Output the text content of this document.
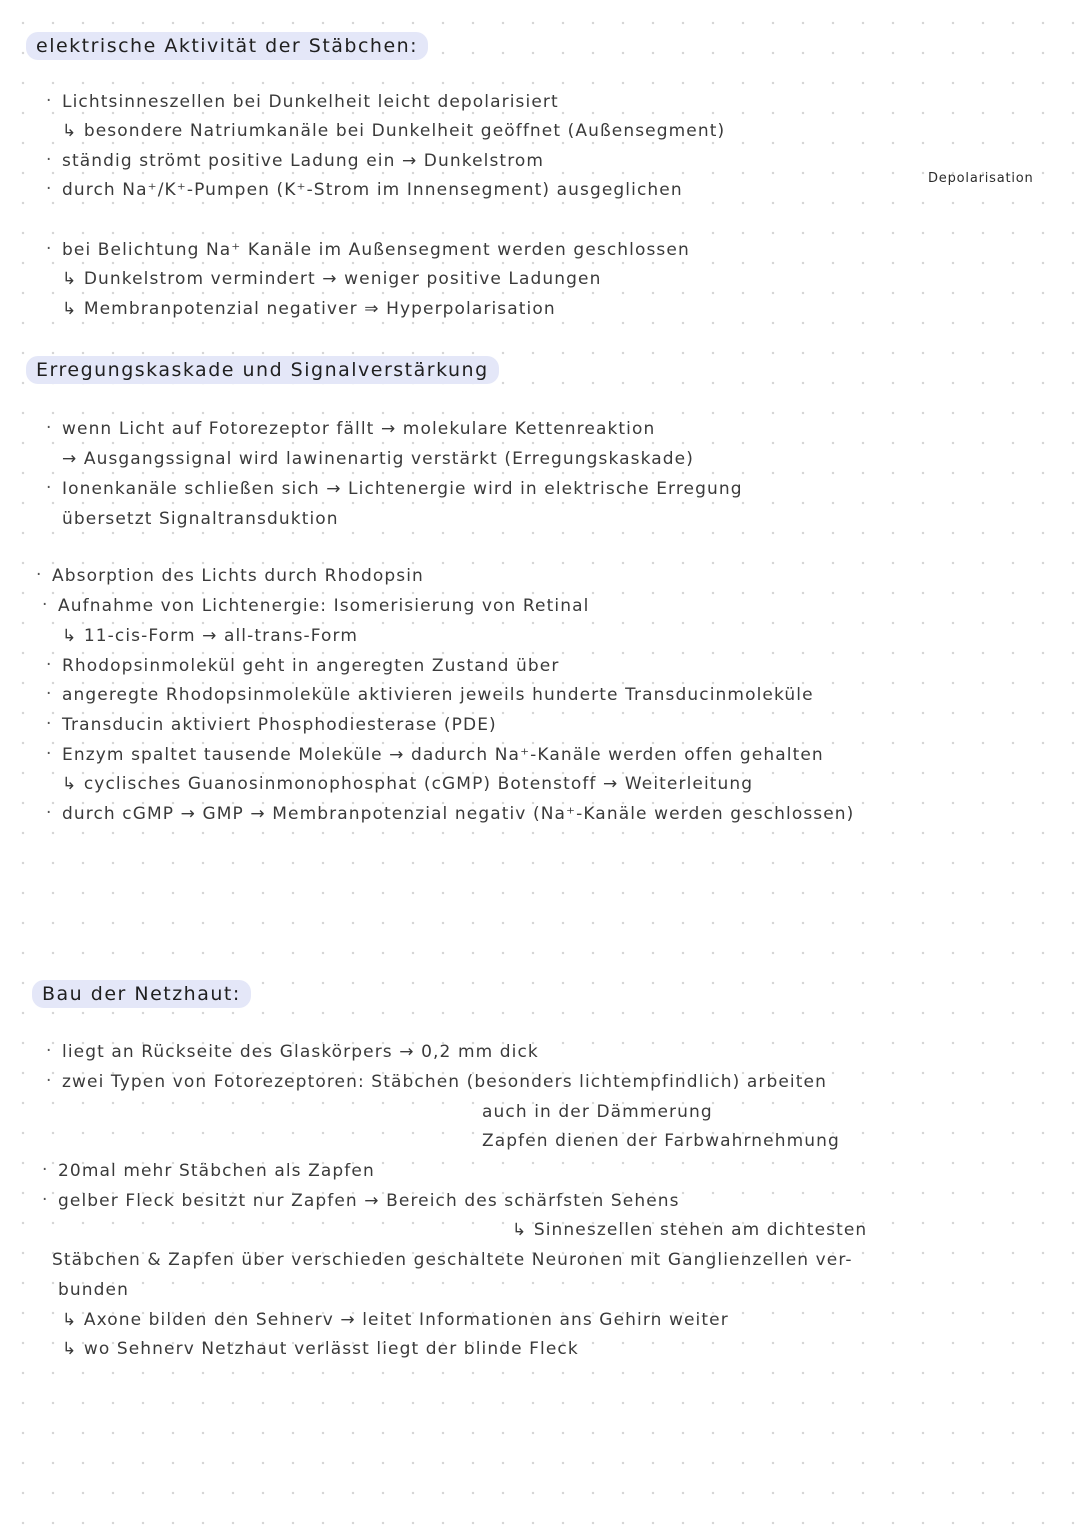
elektrische Aktivität der Stäbchen:
· Lichtsinneszellen bei Dunkelheit leicht depolarisiert
↳ besondere Natriumkanäle bei Dunkelheit geöffnet (Außensegment)
· ständig strömt positive Ladung ein → Dunkelstrom
· durch Na⁺/K⁺-Pumpen (K⁺-Strom im Innensegment) ausgeglichen
Depolarisation
· bei Belichtung Na⁺ Kanäle im Außensegment werden geschlossen
↳ Dunkelstrom vermindert → weniger positive Ladungen
↳ Membranpotenzial negativer ⇒ Hyperpolarisation
Erregungskaskade und Signalverstärkung
· wenn Licht auf Fotorezeptor fällt → molekulare Kettenreaktion
→ Ausgangssignal wird lawinenartig verstärkt (Erregungskaskade)
· Ionenkanäle schließen sich → Lichtenergie wird in elektrische Erregung
übersetzt Signaltransduktion
· Absorption des Lichts durch Rhodopsin
· Aufnahme von Lichtenergie: Isomerisierung von Retinal
↳ 11-cis-Form → all-trans-Form
· Rhodopsinmolekül geht in angeregten Zustand über
· angeregte Rhodopsinmoleküle aktivieren jeweils hunderte Transducinmoleküle
· Transducin aktiviert Phosphodiesterase (PDE)
· Enzym spaltet tausende Moleküle → dadurch Na⁺-Kanäle werden offen gehalten
↳ cyclisches Guanosinmonophosphat (cGMP) Botenstoff → Weiterleitung
· durch cGMP → GMP → Membranpotenzial negativ (Na⁺-Kanäle werden geschlossen)
Bau der Netzhaut:
· liegt an Rückseite des Glaskörpers → 0,2 mm dick
· zwei Typen von Fotorezeptoren: Stäbchen (besonders lichtempfindlich) arbeiten
auch in der Dämmerung
Zapfen dienen der Farbwahrnehmung
· 20mal mehr Stäbchen als Zapfen
· gelber Fleck besitzt nur Zapfen → Bereich des schärfsten Sehens
↳ Sinneszellen stehen am dichtesten
Stäbchen & Zapfen über verschieden geschaltete Neuronen mit Ganglienzellen ver-
bunden
↳ Axone bilden den Sehnerv → leitet Informationen ans Gehirn weiter
↳ wo Sehnerv Netzhaut verlässt liegt der blinde Fleck
